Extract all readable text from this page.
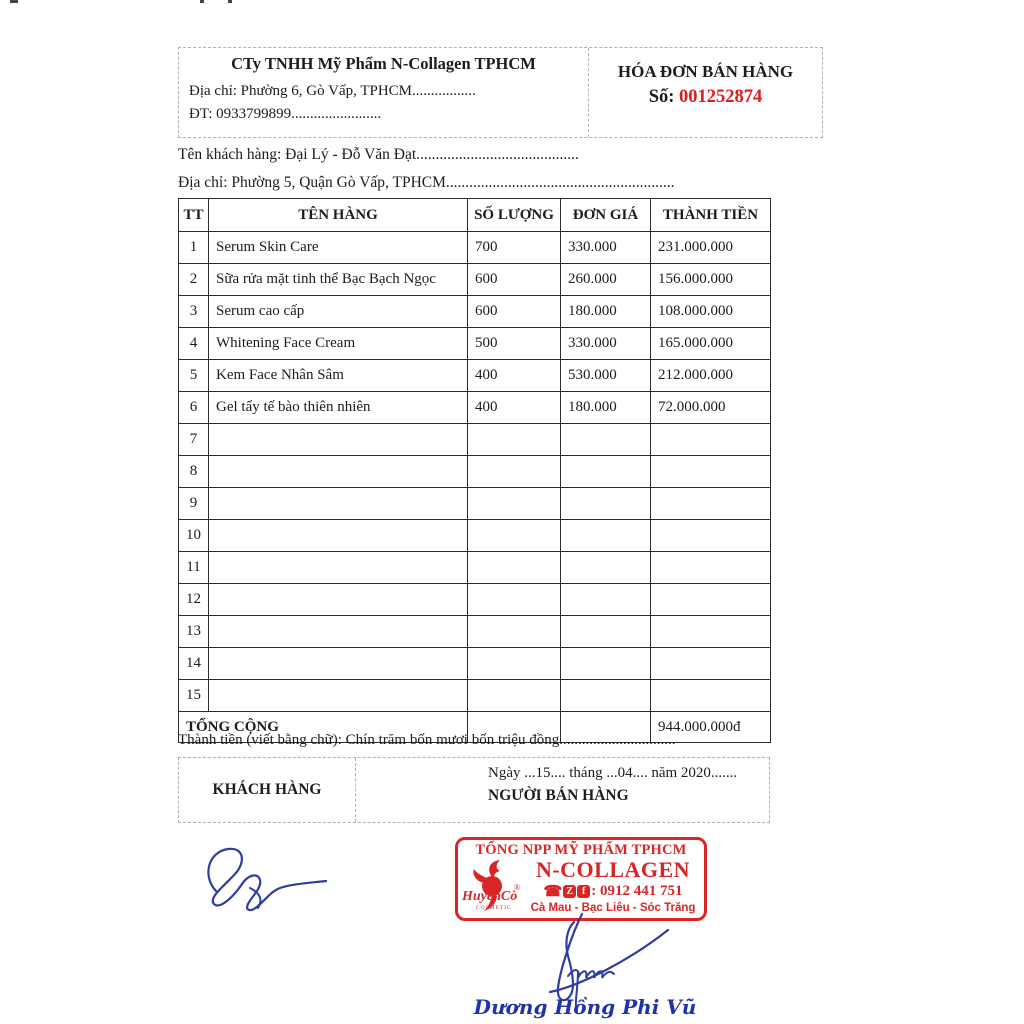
CTy TNHH Mỹ Phẩm N-Collagen TPHCM
Địa chỉ: Phường 6, Gò Vấp, TPHCM.................
ĐT: 0933799899........................
HÓA ĐƠN BÁN HÀNG
Số: 001252874
Tên khách hàng: Đại Lý - Đỗ Văn Đạt..........................................
Địa chỉ: Phường 5, Quận Gò Vấp, TPHCM...........................................................
TT	TÊN HÀNG	SỐ LƯỢNG	ĐƠN GIÁ	THÀNH TIỀN
1	Serum Skin Care	700	330.000	231.000.000
2	Sữa rửa mặt tinh thể Bạc Bạch Ngọc	600	260.000	156.000.000
3	Serum cao cấp	600	180.000	108.000.000
4	Whitening Face Cream	500	330.000	165.000.000
5	Kem Face Nhân Sâm	400	530.000	212.000.000
6	Gel tẩy tế bào thiên nhiên	400	180.000	72.000.000
7				
8				
9				
10				
11				
12				
13				
14				
15				
TỔNG CỘNG				944.000.000đ
Thành tiền (viết bằng chữ): Chín trăm bốn mươi bốn triệu đồng...............................
KHÁCH HÀNG
Ngày ...15.... tháng ...04.... năm 2020.......
NGƯỜI BÁN HÀNG
TỔNG NPP MỸ PHẨM TPHCM
HuyềnCò
®
COSMETIC
N-COLLAGEN
☎ Z f : 0912 441 751
Cà Mau - Bạc Liêu - Sóc Trăng
Dương Hồng Phi Vũ
